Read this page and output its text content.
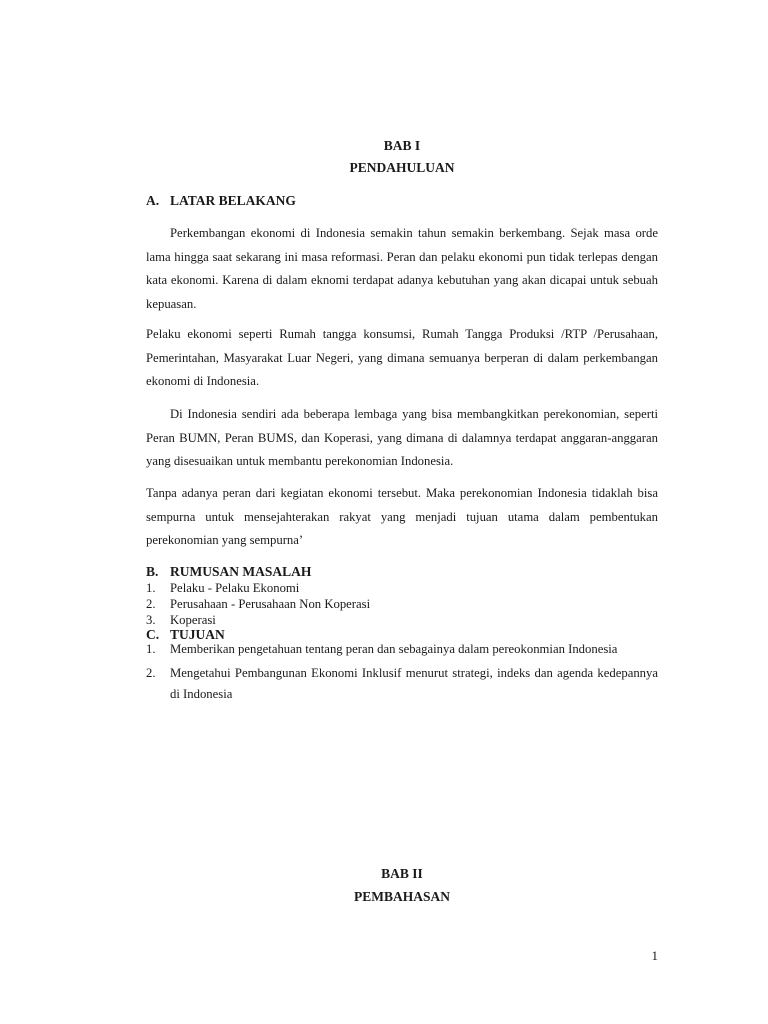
BAB I
PENDAHULUAN
A. LATAR BELAKANG
Perkembangan ekonomi di Indonesia semakin tahun semakin berkembang. Sejak masa orde lama hingga saat sekarang ini masa reformasi. Peran dan pelaku ekonomi pun tidak terlepas dengan kata ekonomi. Karena di dalam eknomi terdapat adanya kebutuhan yang akan dicapai untuk sebuah kepuasan.
Pelaku ekonomi seperti Rumah tangga konsumsi, Rumah Tangga Produksi /RTP /Perusahaan, Pemerintahan, Masyarakat Luar Negeri, yang dimana semuanya berperan di dalam perkembangan ekonomi di Indonesia.
Di Indonesia sendiri ada beberapa lembaga yang bisa membangkitkan perekonomian, seperti Peran BUMN, Peran BUMS, dan Koperasi, yang dimana di dalamnya terdapat anggaran-anggaran yang disesuaikan untuk membantu perekonomian Indonesia.
Tanpa adanya peran dari kegiatan ekonomi tersebut. Maka perekonomian Indonesia tidaklah bisa sempurna untuk mensejahterakan rakyat yang menjadi tujuan utama dalam pembentukan perekonomian yang sempurna’
B. RUMUSAN MASALAH
1. Pelaku - Pelaku Ekonomi
2. Perusahaan - Perusahaan Non Koperasi
3. Koperasi
C. TUJUAN
1. Memberikan pengetahuan tentang peran dan sebagainya dalam pereokonmian Indonesia
2. Mengetahui Pembangunan Ekonomi Inklusif menurut strategi, indeks dan agenda kedepannya di Indonesia
BAB II
PEMBAHASAN
1
